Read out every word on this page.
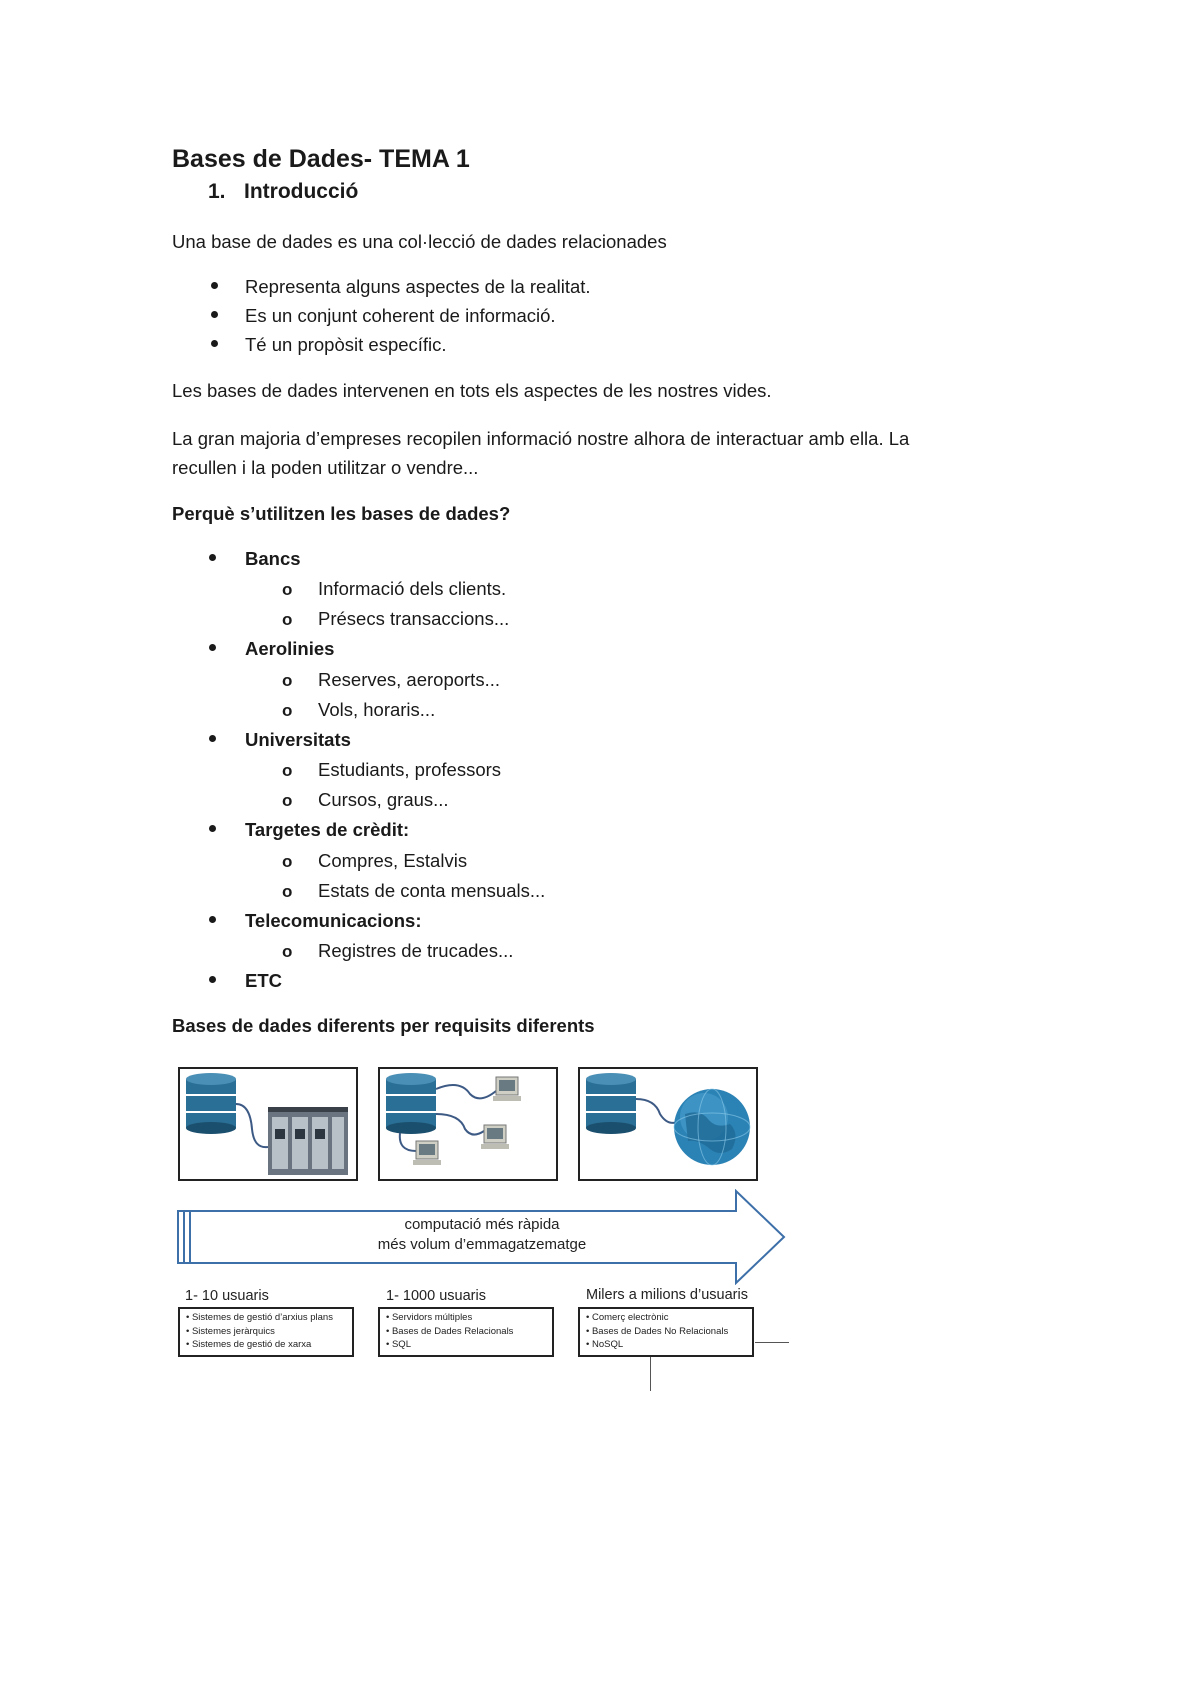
Bases de Dades- TEMA 1
1. Introducció
Una base de dades es una col·lecció de dades relacionades
Representa alguns aspectes de la realitat.
Es un conjunt coherent de informació.
Té un propòsit específic.
Les bases de dades intervenen en tots els aspectes de les nostres vides.
La gran majoria d’empreses recopilen informació nostre alhora de interactuar amb ella. La
recullen i la poden utilitzar o vendre...
Perquè s’utilitzen les bases de dades?
Bancs
o Informació dels clients.
o Présecs transaccions...
Aerolinies
o Reserves, aeroports...
o Vols, horaris...
Universitats
o Estudiants, professors
o Cursos, graus...
Targetes de crèdit:
o Compres, Estalvis
o Estats de conta mensuals...
Telecomunicacions:
o Registres de trucades...
ETC
Bases de dades diferents per requisits diferents
computació més ràpida
més volum d’emmagatzematge
1- 10 usuaris
• Sistemes de gestió d’arxius plans
• Sistemes jeràrquics
• Sistemes de gestió de xarxa
1- 1000 usuaris
• Servidors múltiples
• Bases de Dades Relacionals
• SQL
Milers a milions d’usuaris
• Comerç electrònic
• Bases de Dades No Relacionals
• NoSQL
